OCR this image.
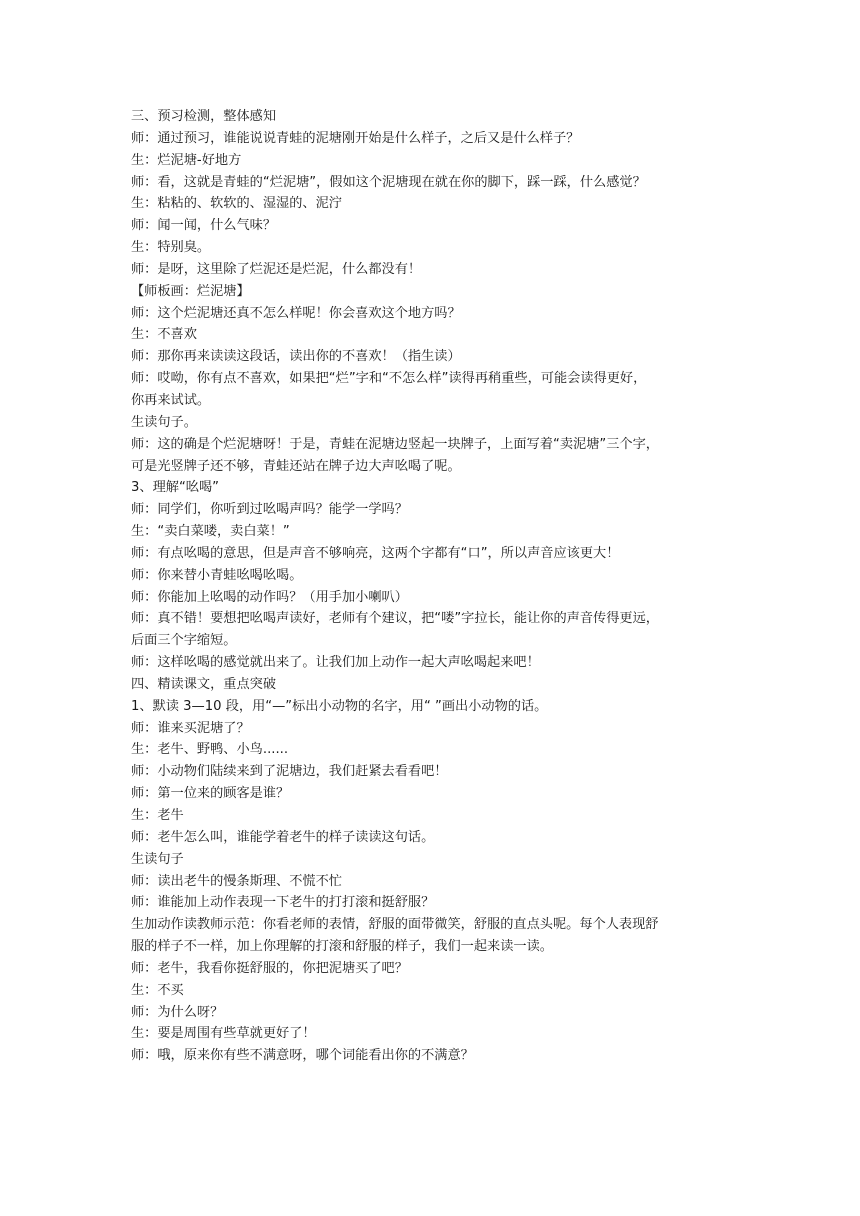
三、预习检测，整体感知
师：通过预习，谁能说说青蛙的泥塘刚开始是什么样子，之后又是什么样子？
生：烂泥塘-好地方
师：看，这就是青蛙的“烂泥塘”，假如这个泥塘现在就在你的脚下，踩一踩，什么感觉？
生：粘粘的、软软的、湿湿的、泥泞
师：闻一闻，什么气味？
生：特别臭。
师：是呀，这里除了烂泥还是烂泥，什么都没有！
【师板画：烂泥塘】
师：这个烂泥塘还真不怎么样呢！你会喜欢这个地方吗？
生：不喜欢
师：那你再来读读这段话，读出你的不喜欢！（指生读）
师：哎呦，你有点不喜欢，如果把“烂”字和“不怎么样”读得再稍重些，可能会读得更好，
你再来试试。
生读句子。
师：这的确是个烂泥塘呀！于是，青蛙在泥塘边竖起一块牌子，上面写着“卖泥塘”三个字，
可是光竖牌子还不够，青蛙还站在牌子边大声吆喝了呢。
3、理解“吆喝”
师：同学们，你听到过吆喝声吗？能学一学吗？
生：“卖白菜喽，卖白菜！”
师：有点吆喝的意思，但是声音不够响亮，这两个字都有“口”，所以声音应该更大！
师：你来替小青蛙吆喝吆喝。
师：你能加上吆喝的动作吗？（用手加小喇叭）
师：真不错！要想把吆喝声读好，老师有个建议，把“喽”字拉长，能让你的声音传得更远，
后面三个字缩短。
师：这样吆喝的感觉就出来了。让我们加上动作一起大声吆喝起来吧！
四、精读课文，重点突破
1、默读 3—10 段，用“—”标出小动物的名字，用“ ”画出小动物的话。
师：谁来买泥塘了？
生：老牛、野鸭、小鸟......
师：小动物们陆续来到了泥塘边，我们赶紧去看看吧！
师：第一位来的顾客是谁？
生：老牛
师：老牛怎么叫，谁能学着老牛的样子读读这句话。
生读句子
师：读出老牛的慢条斯理、不慌不忙
师：谁能加上动作表现一下老牛的打打滚和挺舒服？
生加动作读教师示范：你看老师的表情，舒服的面带微笑，舒服的直点头呢。每个人表现舒
服的样子不一样，加上你理解的打滚和舒服的样子，我们一起来读一读。
师：老牛，我看你挺舒服的，你把泥塘买了吧？
生：不买
师：为什么呀？
生：要是周围有些草就更好了！
师：哦，原来你有些不满意呀，哪个词能看出你的不满意？
